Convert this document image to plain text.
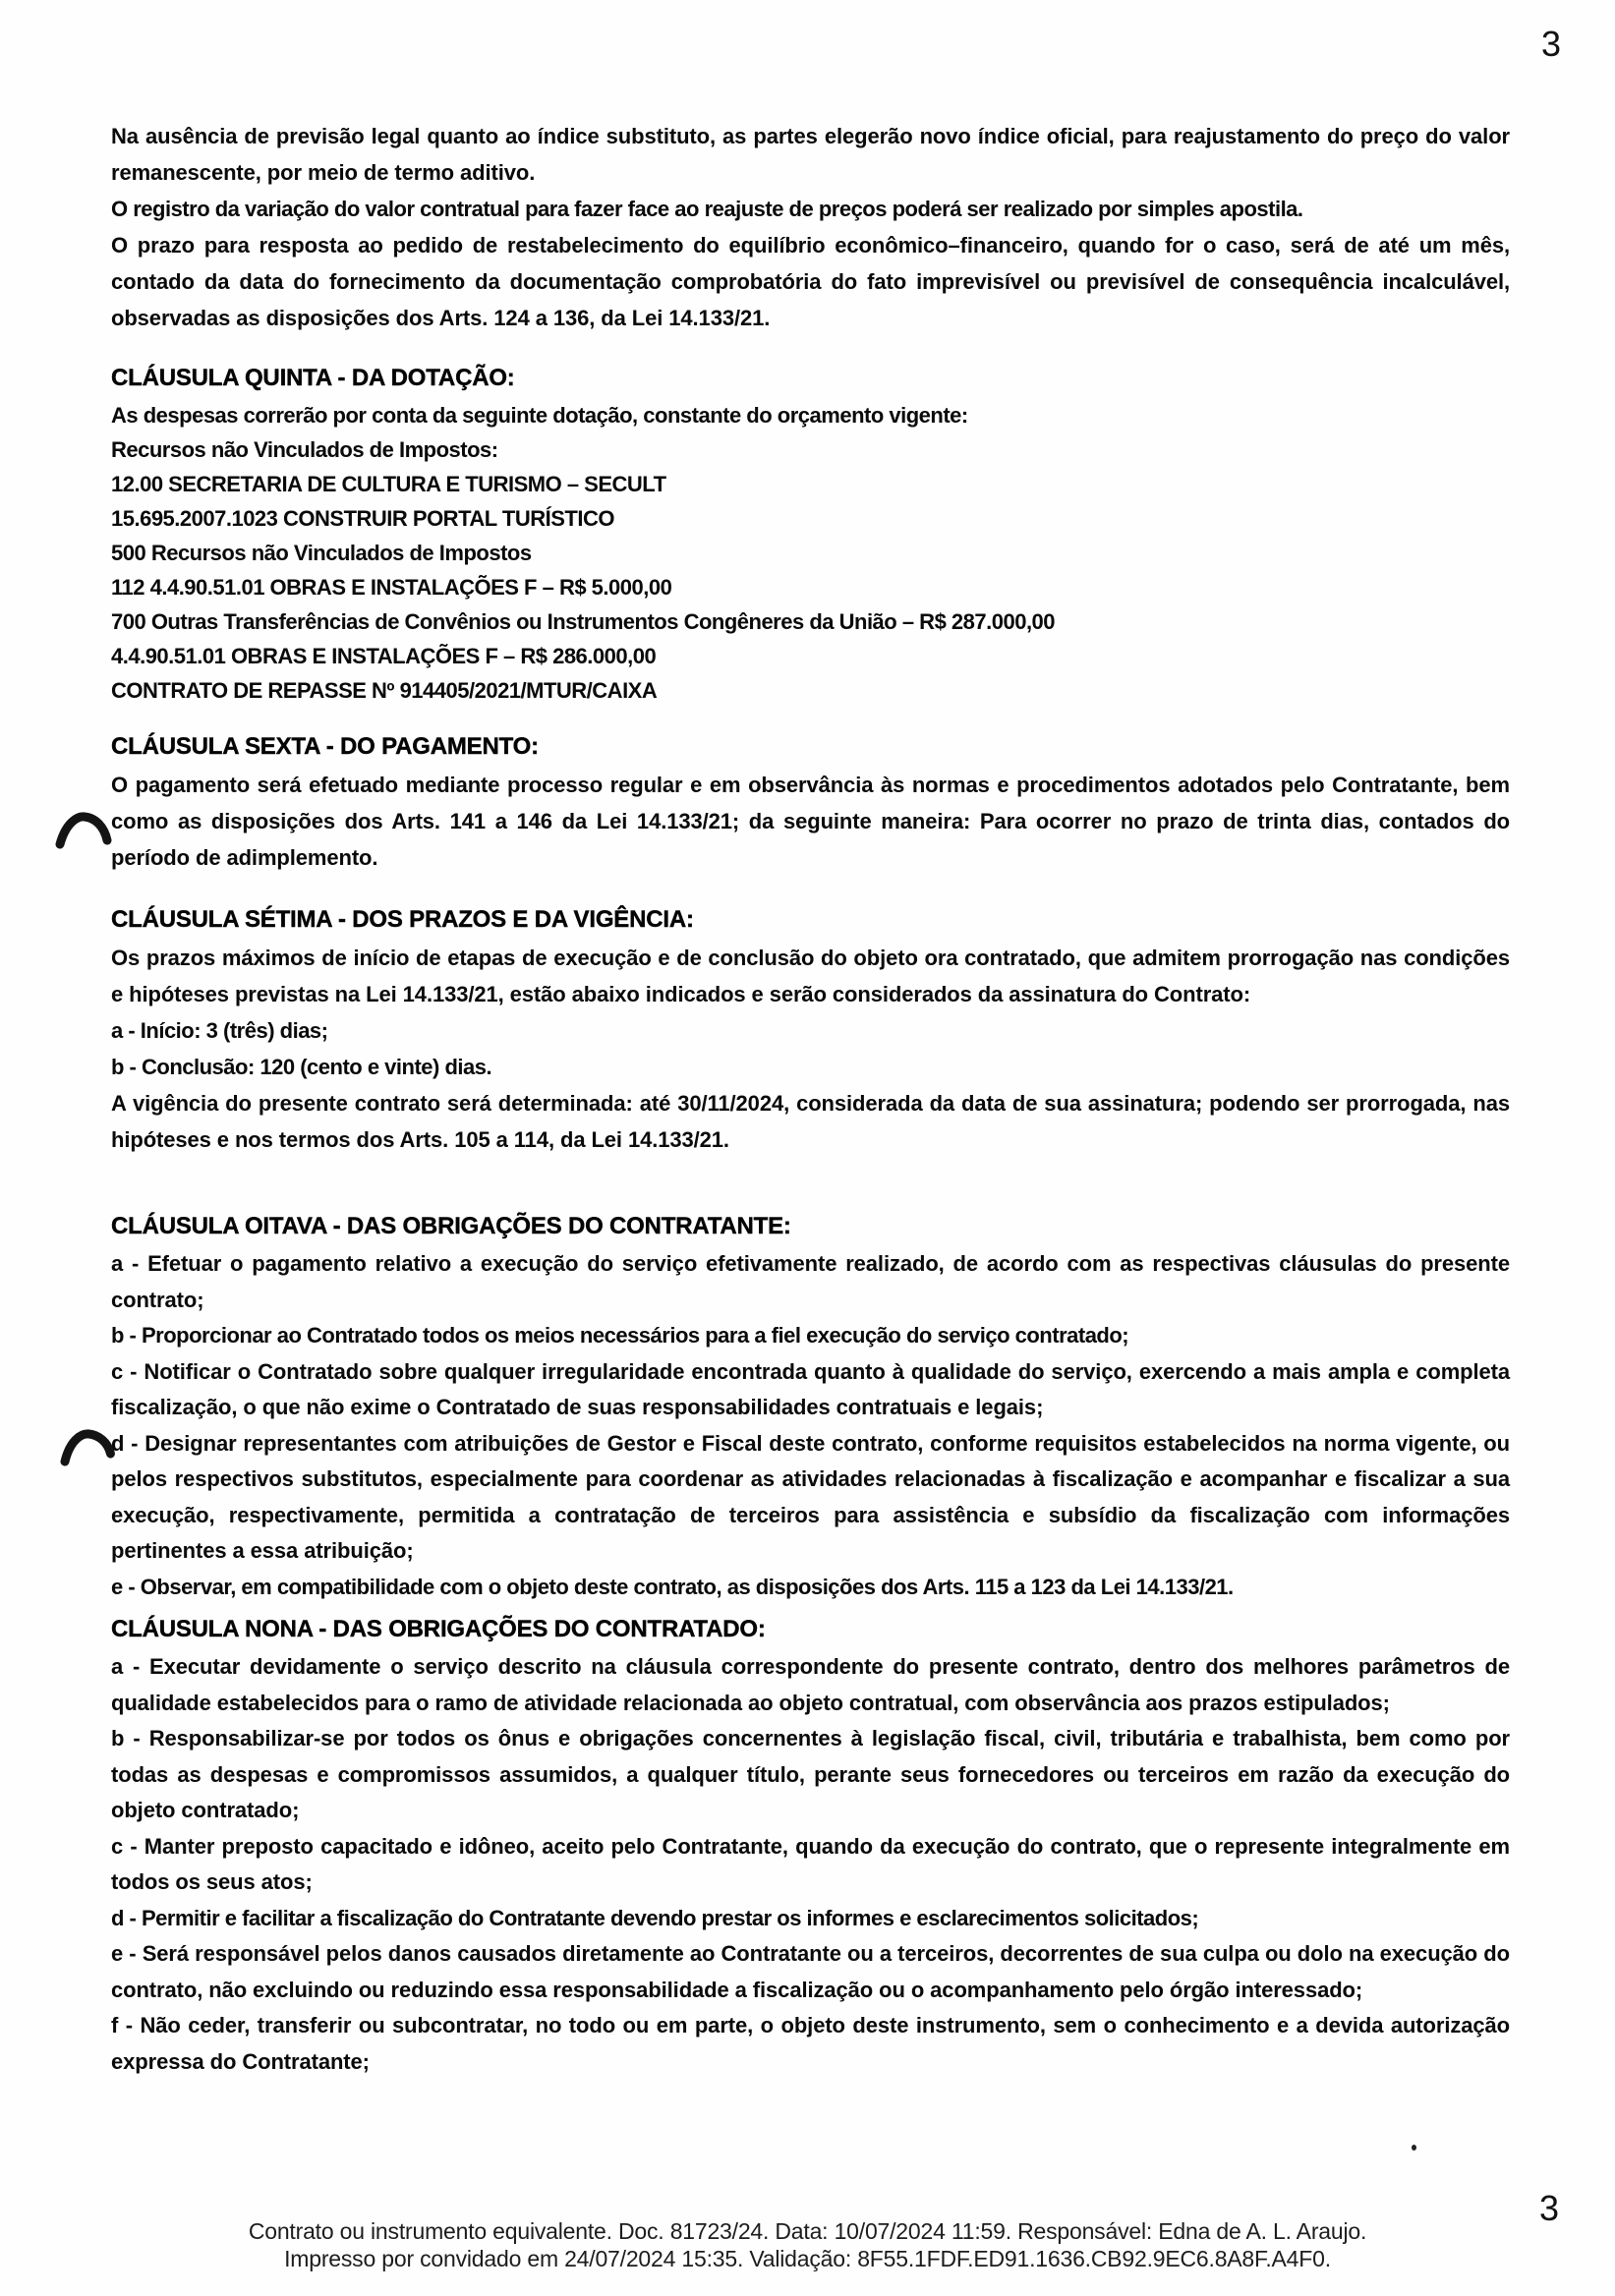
3

Na ausência de previsão legal quanto ao índice substituto, as partes elegerão novo índice oficial, para reajustamento do preço do valor remanescente, por meio de termo aditivo.

O registro da variação do valor contratual para fazer face ao reajuste de preços poderá ser realizado por simples apostila.

O prazo para resposta ao pedido de restabelecimento do equilíbrio econômico–financeiro, quando for o caso, será de até um mês, contado da data do fornecimento da documentação comprobatória do fato imprevisível ou previsível de consequência incalculável, observadas as disposições dos Arts. 124 a 136, da Lei 14.133/21.

CLÁUSULA QUINTA - DA DOTAÇÃO:

As despesas correrão por conta da seguinte dotação, constante do orçamento vigente:

Recursos não Vinculados de Impostos:

12.00 SECRETARIA DE CULTURA E TURISMO – SECULT

15.695.2007.1023 CONSTRUIR PORTAL TURÍSTICO

500 Recursos não Vinculados de Impostos

112 4.4.90.51.01 OBRAS E INSTALAÇÕES F – R$ 5.000,00

700 Outras Transferências de Convênios ou Instrumentos Congêneres da União – R$ 287.000,00

4.4.90.51.01 OBRAS E INSTALAÇÕES F – R$ 286.000,00

CONTRATO DE REPASSE Nº 914405/2021/MTUR/CAIXA

CLÁUSULA SEXTA - DO PAGAMENTO:

O pagamento será efetuado mediante processo regular e em observância às normas e procedimentos adotados pelo Contratante, bem como as disposições dos Arts. 141 a 146 da Lei 14.133/21; da seguinte maneira: Para ocorrer no prazo de trinta dias, contados do período de adimplemento.

CLÁUSULA SÉTIMA - DOS PRAZOS E DA VIGÊNCIA:

Os prazos máximos de início de etapas de execução e de conclusão do objeto ora contratado, que admitem prorrogação nas condições e hipóteses previstas na Lei 14.133/21, estão abaixo indicados e serão considerados da assinatura do Contrato:

a - Início: 3 (três) dias;

b - Conclusão: 120 (cento e vinte) dias.

A vigência do presente contrato será determinada: até 30/11/2024, considerada da data de sua assinatura; podendo ser prorrogada, nas hipóteses e nos termos dos Arts. 105 a 114, da Lei 14.133/21.

CLÁUSULA OITAVA - DAS OBRIGAÇÕES DO CONTRATANTE:

a - Efetuar o pagamento relativo a execução do serviço efetivamente realizado, de acordo com as respectivas cláusulas do presente contrato;

b - Proporcionar ao Contratado todos os meios necessários para a fiel execução do serviço contratado;

c - Notificar o Contratado sobre qualquer irregularidade encontrada quanto à qualidade do serviço, exercendo a mais ampla e completa fiscalização, o que não exime o Contratado de suas responsabilidades contratuais e legais;

d - Designar representantes com atribuições de Gestor e Fiscal deste contrato, conforme requisitos estabelecidos na norma vigente, ou pelos respectivos substitutos, especialmente para coordenar as atividades relacionadas à fiscalização e acompanhar e fiscalizar a sua execução, respectivamente, permitida a contratação de terceiros para assistência e subsídio da fiscalização com informações pertinentes a essa atribuição;

e - Observar, em compatibilidade com o objeto deste contrato, as disposições dos Arts. 115 a 123 da Lei 14.133/21.

CLÁUSULA NONA - DAS OBRIGAÇÕES DO CONTRATADO:

a - Executar devidamente o serviço descrito na cláusula correspondente do presente contrato, dentro dos melhores parâmetros de qualidade estabelecidos para o ramo de atividade relacionada ao objeto contratual, com observância aos prazos estipulados;

b - Responsabilizar-se por todos os ônus e obrigações concernentes à legislação fiscal, civil, tributária e trabalhista, bem como por todas as despesas e compromissos assumidos, a qualquer título, perante seus fornecedores ou terceiros em razão da execução do objeto contratado;

c - Manter preposto capacitado e idôneo, aceito pelo Contratante, quando da execução do contrato, que o represente integralmente em todos os seus atos;

d - Permitir e facilitar a fiscalização do Contratante devendo prestar os informes e esclarecimentos solicitados;

e - Será responsável pelos danos causados diretamente ao Contratante ou a terceiros, decorrentes de sua culpa ou dolo na execução do contrato, não excluindo ou reduzindo essa responsabilidade a fiscalização ou o acompanhamento pelo órgão interessado;

f - Não ceder, transferir ou subcontratar, no todo ou em parte, o objeto deste instrumento, sem o conhecimento e a devida autorização expressa do Contratante;

Contrato ou instrumento equivalente. Doc. 81723/24. Data: 10/07/2024 11:59. Responsável: Edna de A. L. Araujo.

Impresso por convidado em 24/07/2024 15:35. Validação: 8F55.1FDF.ED91.1636.CB92.9EC6.8A8F.A4F0.

3
